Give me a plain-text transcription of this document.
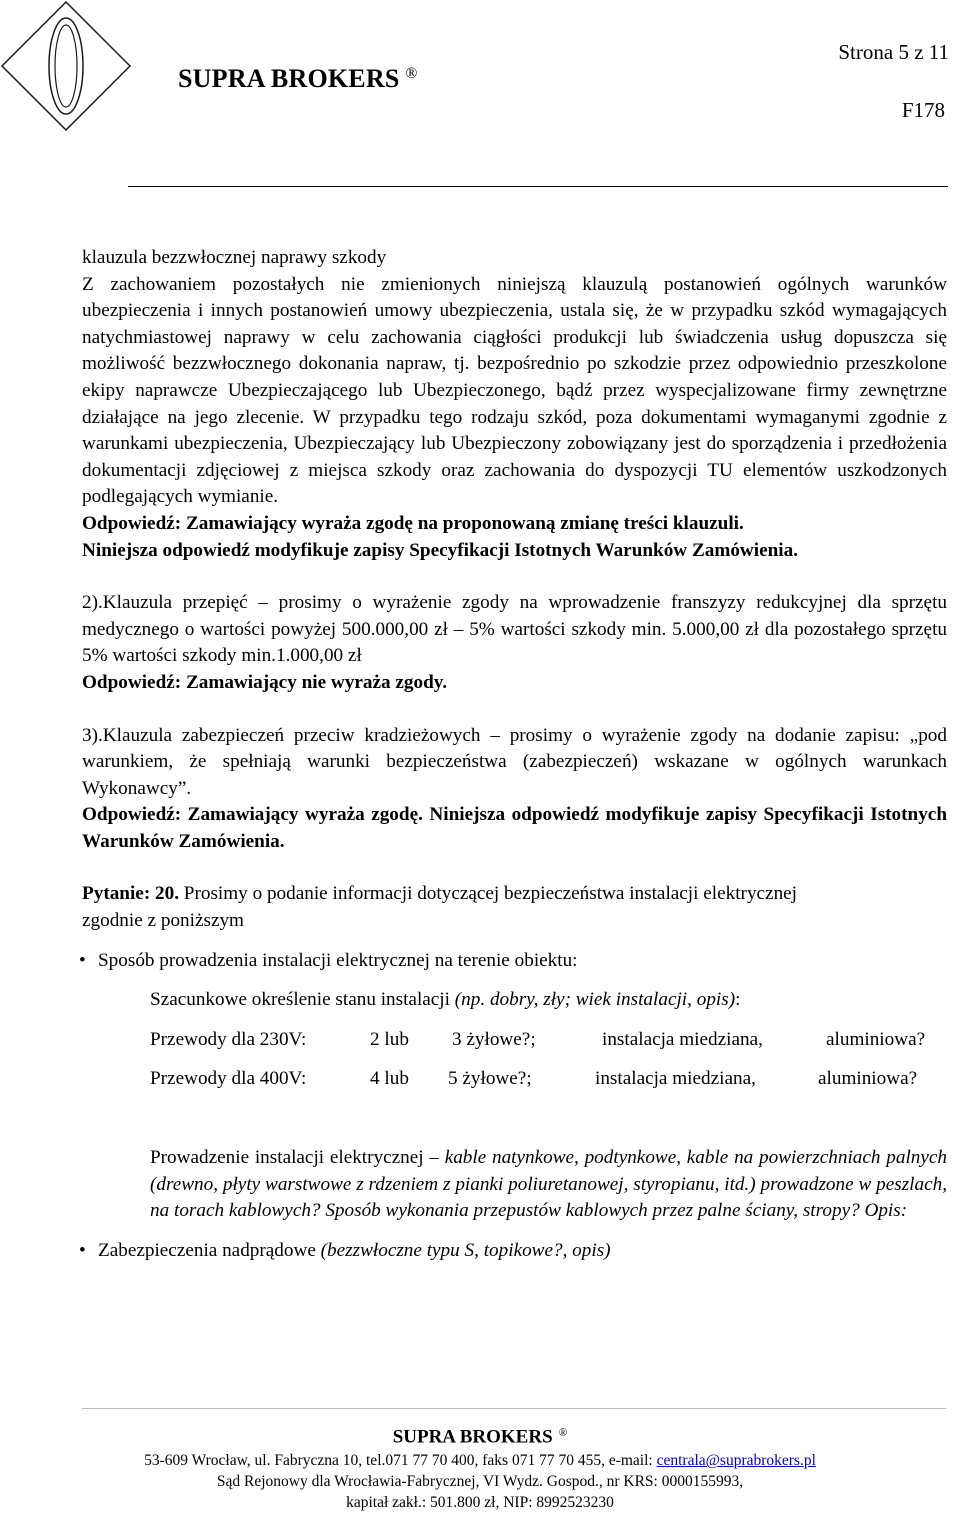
SUPRA BROKERS ®
Strona 5 z 11
F178

klauzula bezzwłocznej naprawy szkody

Z zachowaniem pozostałych nie zmienionych niniejszą klauzulą postanowień ogólnych warunków ubezpieczenia i innych postanowień umowy ubezpieczenia, ustala się, że w przypadku szkód wymagających natychmiastowej naprawy w celu zachowania ciągłości produkcji lub świadczenia usług dopuszcza się możliwość bezzwłocznego dokonania napraw, tj. bezpośrednio po szkodzie przez odpowiednio przeszkolone ekipy naprawcze Ubezpieczającego lub Ubezpieczonego, bądź przez wyspecjalizowane firmy zewnętrzne działające na jego zlecenie. W przypadku tego rodzaju szkód, poza dokumentami wymaganymi zgodnie z warunkami ubezpieczenia, Ubezpieczający lub Ubezpieczony zobowiązany jest do sporządzenia i przedłożenia dokumentacji zdjęciowej z miejsca szkody oraz zachowania do dyspozycji TU elementów uszkodzonych podlegających wymianie.

Odpowiedź: Zamawiający wyraża zgodę na proponowaną zmianę treści klauzuli.

Niniejsza odpowiedź modyfikuje zapisy Specyfikacji Istotnych Warunków Zamówienia.

2).Klauzula przepięć – prosimy o wyrażenie zgody na wprowadzenie franszyzy redukcyjnej dla sprzętu medycznego o wartości powyżej 500.000,00 zł – 5% wartości szkody min. 5.000,00 zł dla pozostałego sprzętu 5% wartości szkody min.1.000,00 zł

Odpowiedź: Zamawiający nie wyraża zgody.

3).Klauzula zabezpieczeń przeciw kradzieżowych – prosimy o wyrażenie zgody na dodanie zapisu: „pod warunkiem, że spełniają warunki bezpieczeństwa (zabezpieczeń) wskazane w ogólnych warunkach Wykonawcy”.

Odpowiedź: Zamawiający wyraża zgodę. Niniejsza odpowiedź modyfikuje zapisy Specyfikacji Istotnych Warunków Zamówienia.

Pytanie: 20. Prosimy o podanie informacji dotyczącej bezpieczeństwa instalacji elektrycznej zgodnie z poniższym

• Sposób prowadzenia instalacji elektrycznej na terenie obiektu:

Szacunkowe określenie stanu instalacji (np. dobry, zły; wiek instalacji, opis):

Przewody dla 230V:	2 lub	3 żyłowe?;	instalacja miedziana,	aluminiowa?
Przewody dla 400V:	4 lub	5 żyłowe?;	instalacja miedziana,	aluminiowa?

Prowadzenie instalacji elektrycznej – kable natynkowe, podtynkowe, kable na powierzchniach palnych (drewno, płyty warstwowe z rdzeniem z pianki poliuretanowej, styropianu, itd.) prowadzone w peszlach, na torach kablowych? Sposób wykonania przepustów kablowych przez palne ściany, stropy? Opis:

• Zabezpieczenia nadprądowe (bezzwłoczne typu S, topikowe?, opis)

SUPRA BROKERS ®
53-609 Wrocław, ul. Fabryczna 10, tel.071 77 70 400, faks 071 77 70 455, e-mail: centrala@suprabrokers.pl
Sąd Rejonowy dla Wrocławia-Fabrycznej, VI Wydz. Gospod., nr KRS: 0000155993,
kapitał zakł.: 501.800 zł, NIP: 8992523230
